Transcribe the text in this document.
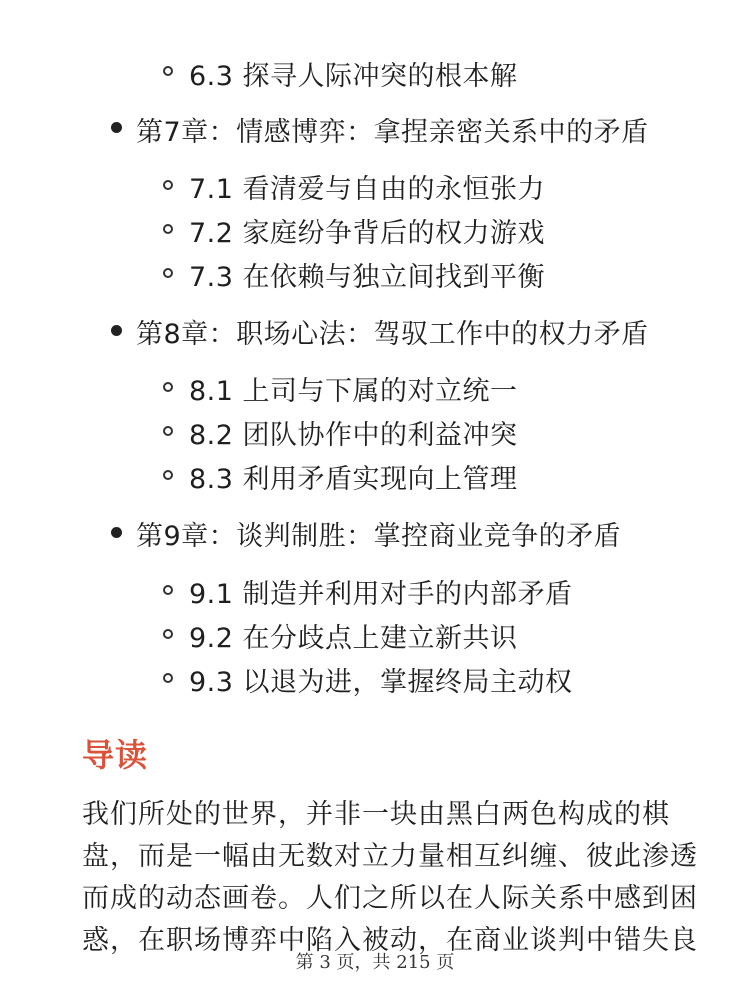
6.3 探寻人际冲突的根本解
第7章：情感博弈：拿捏亲密关系中的矛盾
7.1 看清爱与自由的永恒张力
7.2 家庭纷争背后的权力游戏
7.3 在依赖与独立间找到平衡
第8章：职场心法：驾驭工作中的权力矛盾
8.1 上司与下属的对立统一
8.2 团队协作中的利益冲突
8.3 利用矛盾实现向上管理
第9章：谈判制胜：掌控商业竞争的矛盾
9.1 制造并利用对手的内部矛盾
9.2 在分歧点上建立新共识
9.3 以退为进，掌握终局主动权
导读
我们所处的世界，并非一块由黑白两色构成的棋
盘，而是一幅由无数对立力量相互纠缠、彼此渗透
而成的动态画卷。人们之所以在人际关系中感到困
惑，在职场博弈中陷入被动，在商业谈判中错失良
第 3 页，共 215 页
